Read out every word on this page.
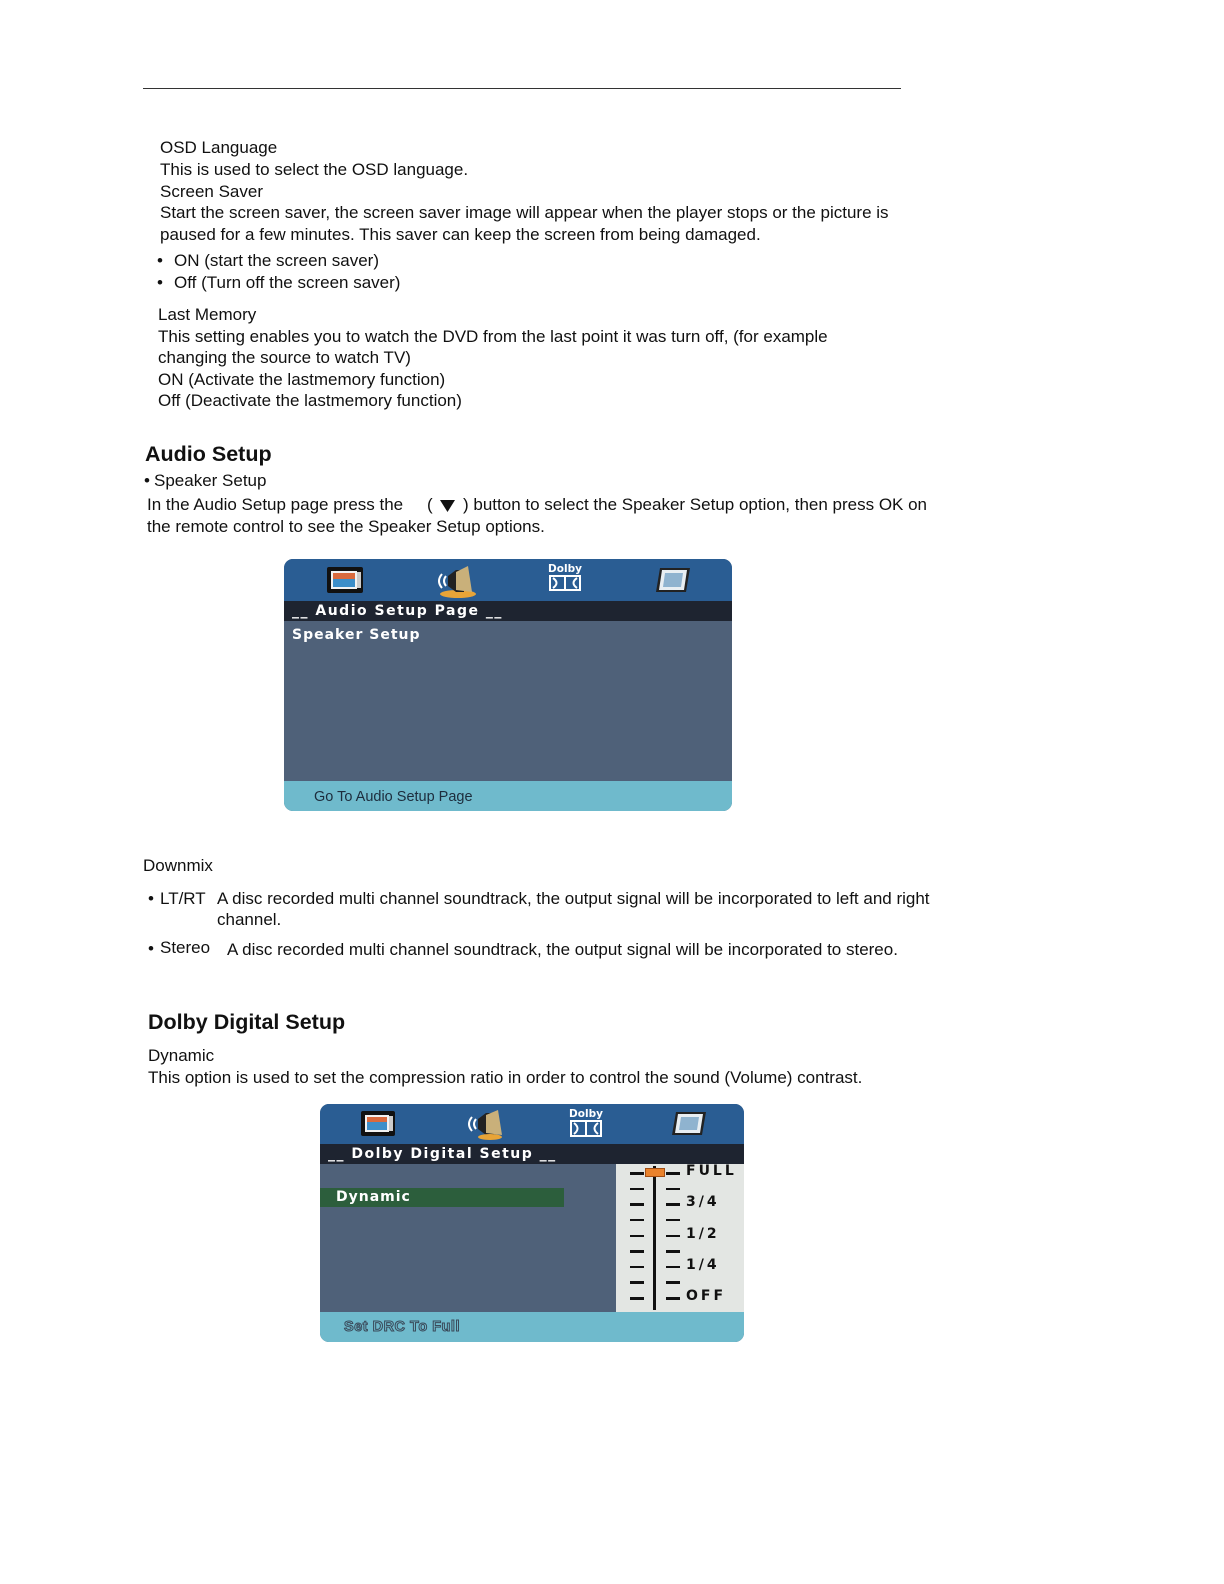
OSD Language
This is used to select the OSD language.
Screen Saver
Start the screen saver, the screen saver image will appear when the player stops or the picture is
paused for a few minutes. This saver can keep the screen from being damaged.
• ON (start the screen saver)
• Off (Turn off the screen saver)
Last Memory
This setting enables you to watch the DVD from the last point it was turn off, (for example
changing the source to watch TV)
ON (Activate the lastmemory function)
Off (Deactivate the lastmemory function)
Audio Setup
• Speaker Setup
In the Audio Setup page press the ( ) button to select the Speaker Setup option, then press OK on
the remote control to see the Speaker Setup options.
Dolby
__ Audio Setup Page __
Speaker Setup
Go To Audio Setup Page
Downmix
• LT/RT A disc recorded multi channel soundtrack, the output signal will be incorporated to left and right
channel.
• Stereo A disc recorded multi channel soundtrack, the output signal will be incorporated to stereo.
Dolby Digital Setup
Dynamic
This option is used to set the compression ratio in order to control the sound (Volume) contrast.
Dolby
__ Dolby Digital Setup __
Dynamic
FULL
3/4
1/2
1/4
OFF
Set DRC To Full
